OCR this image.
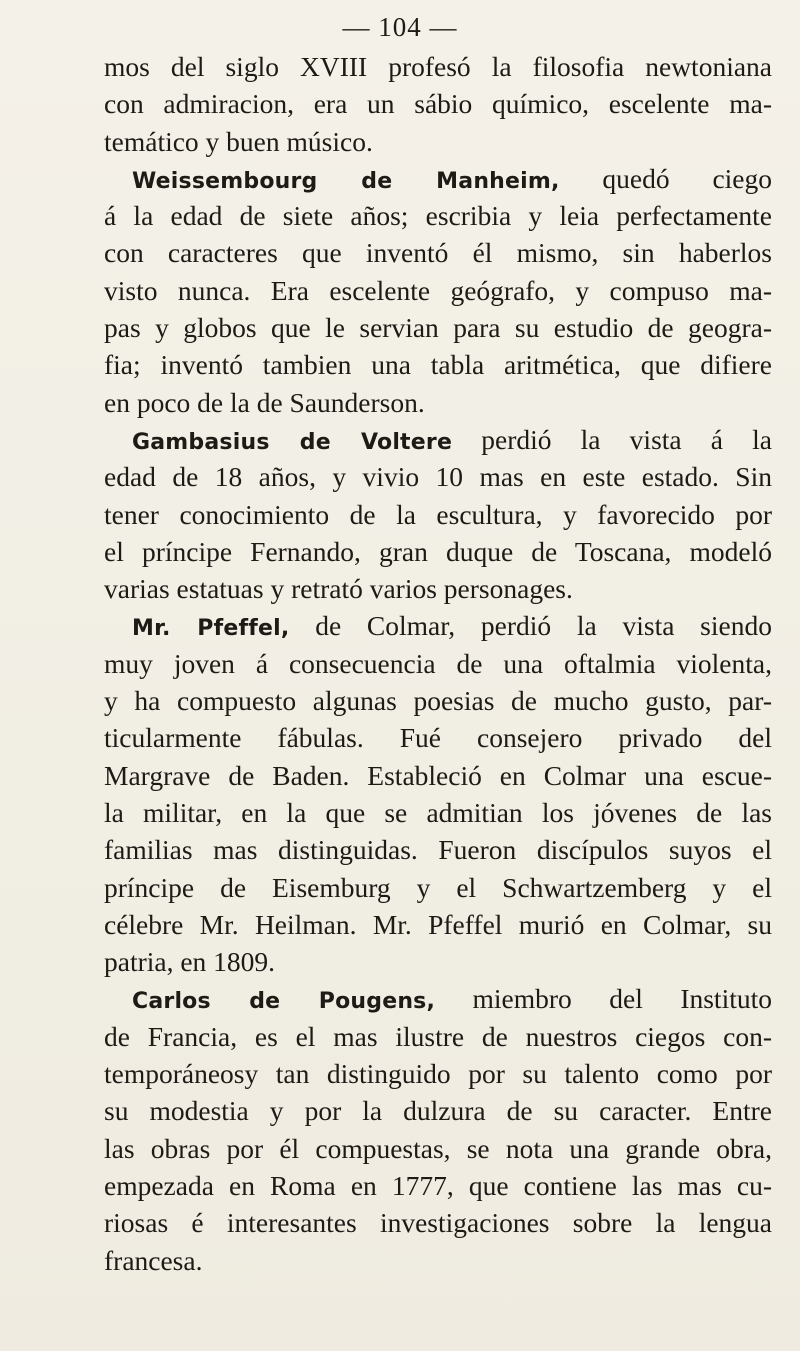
— 104 —
mos del siglo XVIII profesó la filosofia newtoniana
con admiracion, era un sábio químico, escelente ma-
temático y buen músico.
Weissembourg de Manheim, quedó ciego
á la edad de siete años; escribia y leia perfectamente
con caracteres que inventó él mismo, sin haberlos
visto nunca. Era escelente geógrafo, y compuso ma-
pas y globos que le servian para su estudio de geogra-
fia; inventó tambien una tabla aritmética, que difiere
en poco de la de Saunderson.
Gambasius de Voltere perdió la vista á la
edad de 18 años, y vivio 10 mas en este estado. Sin
tener conocimiento de la escultura, y favorecido por
el príncipe Fernando, gran duque de Toscana, modeló
varias estatuas y retrató varios personages.
Mr. Pfeffel, de Colmar, perdió la vista siendo
muy joven á consecuencia de una oftalmia violenta,
y ha compuesto algunas poesias de mucho gusto, par-
ticularmente fábulas. Fué consejero privado del
Margrave de Baden. Estableció en Colmar una escue-
la militar, en la que se admitian los jóvenes de las
familias mas distinguidas. Fueron discípulos suyos el
príncipe de Eisemburg y el Schwartzemberg y el
célebre Mr. Heilman. Mr. Pfeffel murió en Colmar, su
patria, en 1809.
Carlos de Pougens, miembro del Instituto
de Francia, es el mas ilustre de nuestros ciegos con-
temporáneosy tan distinguido por su talento como por
su modestia y por la dulzura de su caracter. Entre
las obras por él compuestas, se nota una grande obra,
empezada en Roma en 1777, que contiene las mas cu-
riosas é interesantes investigaciones sobre la lengua
francesa.
